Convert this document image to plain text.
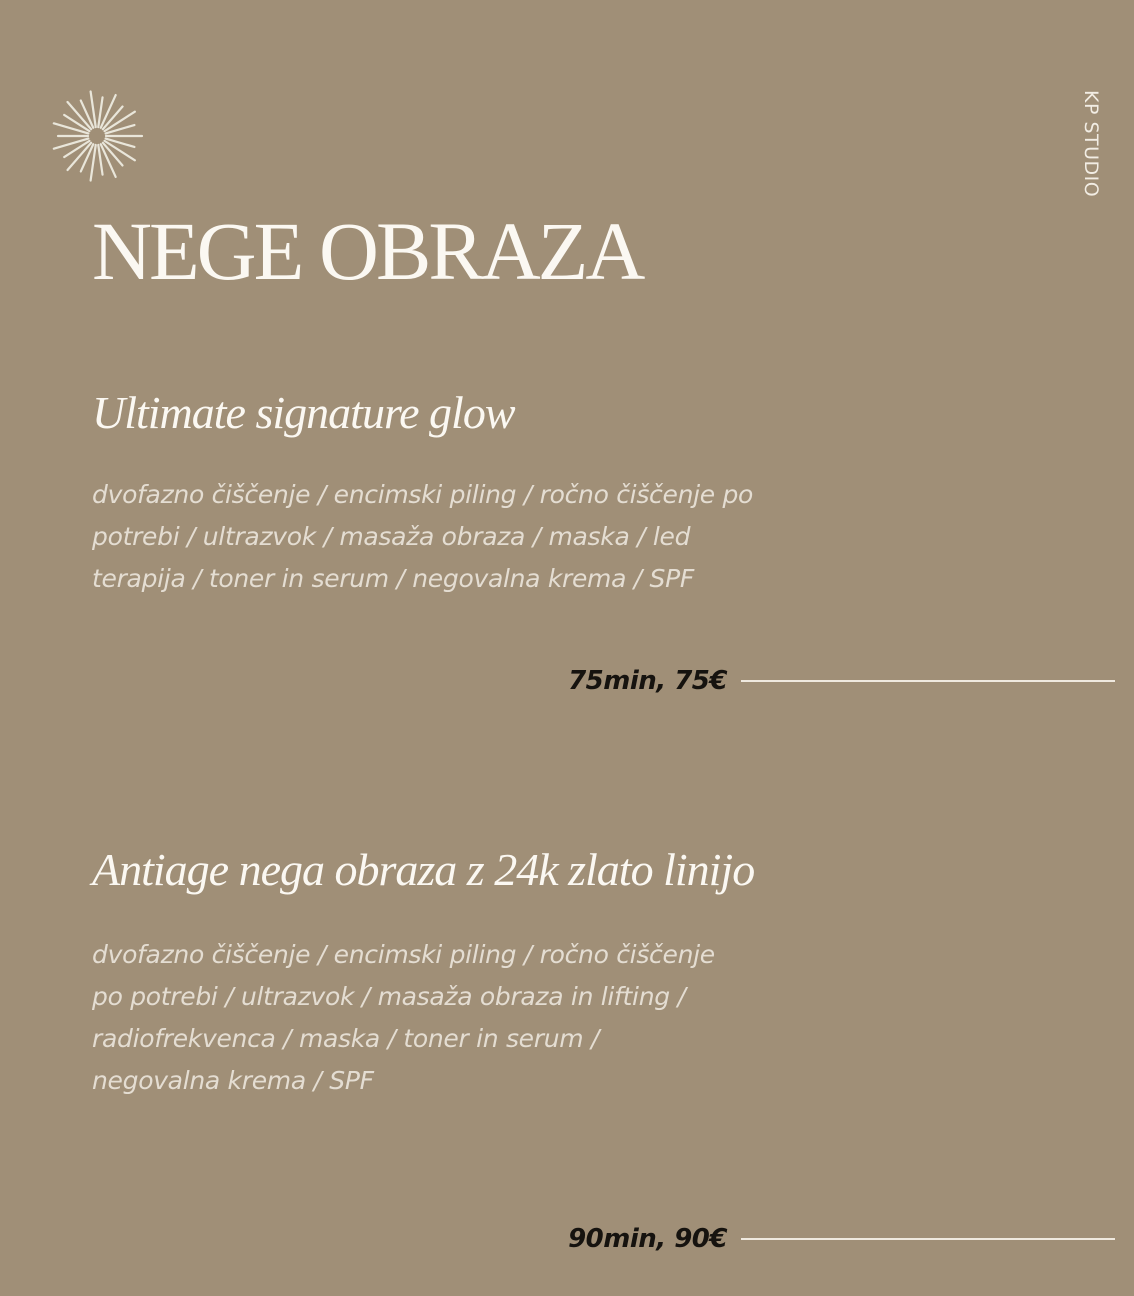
KP STUDIO
NEGE OBRAZA
Ultimate signature glow

dvofazno čiščenje / encimski piling / ročno čiščenje po
potrebi / ultrazvok / masaža obraza / maska / led
terapija / toner in serum / negovalna krema / SPF

75min, 75€
Antiage nega obraza z 24k zlato linijo

dvofazno čiščenje / encimski piling / ročno čiščenje
po potrebi / ultrazvok / masaža obraza in lifting /
radiofrekvenca / maska / toner in serum /
negovalna krema / SPF

90min, 90€
